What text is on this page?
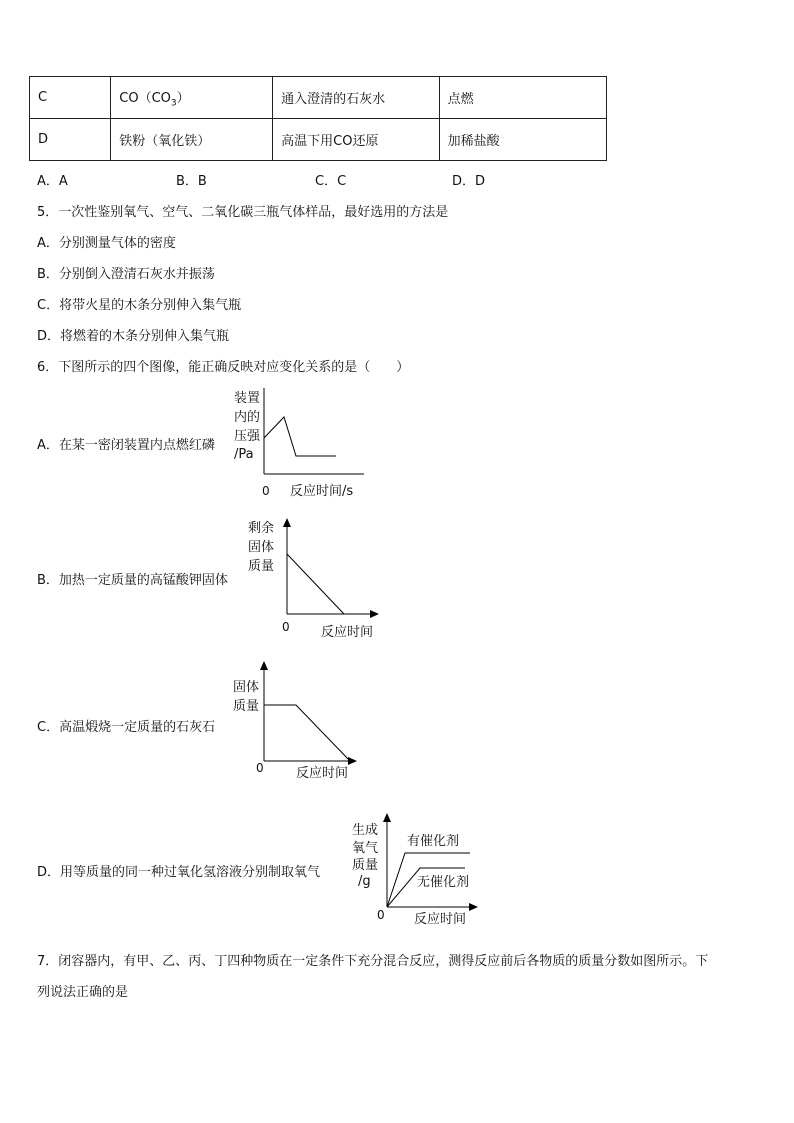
C	$CO(CO_3)$	通入澄清的石灰水	点燃
D	铁粉（氧化铁）	高温下用CO还原	加稀盐酸
A．A	B．B	C．C	D．D
5．一次性鉴别氧气、空气、二氧化碳三瓶气体样品，最好选用的方法是
A．分别测量气体的密度
B．分别倒入澄清石灰水并振荡
C．将带火星的木条分别伸入集气瓶
D．将燃着的木条分别伸入集气瓶
6．下图所示的四个图像，能正确反映对应变化关系的是（　　）
A．在某一密闭装置内点燃红磷
装置
内的
压强
/Pa
0 反应时间/s
B．加热一定质量的高锰酸钾固体
剩余
固体
质量
0 反应时间
C．高温煅烧一定质量的石灰石
固体
质量
0 反应时间
D．用等质量的同一种过氧化氢溶液分别制取氧气
生成
氧气
质量
/g
有催化剂
无催化剂
0 反应时间
7．闭容器内，有甲、乙、丙、丁四种物质在一定条件下充分混合反应，测得反应前后各物质的质量分数如图所示。下
列说法正确的是
